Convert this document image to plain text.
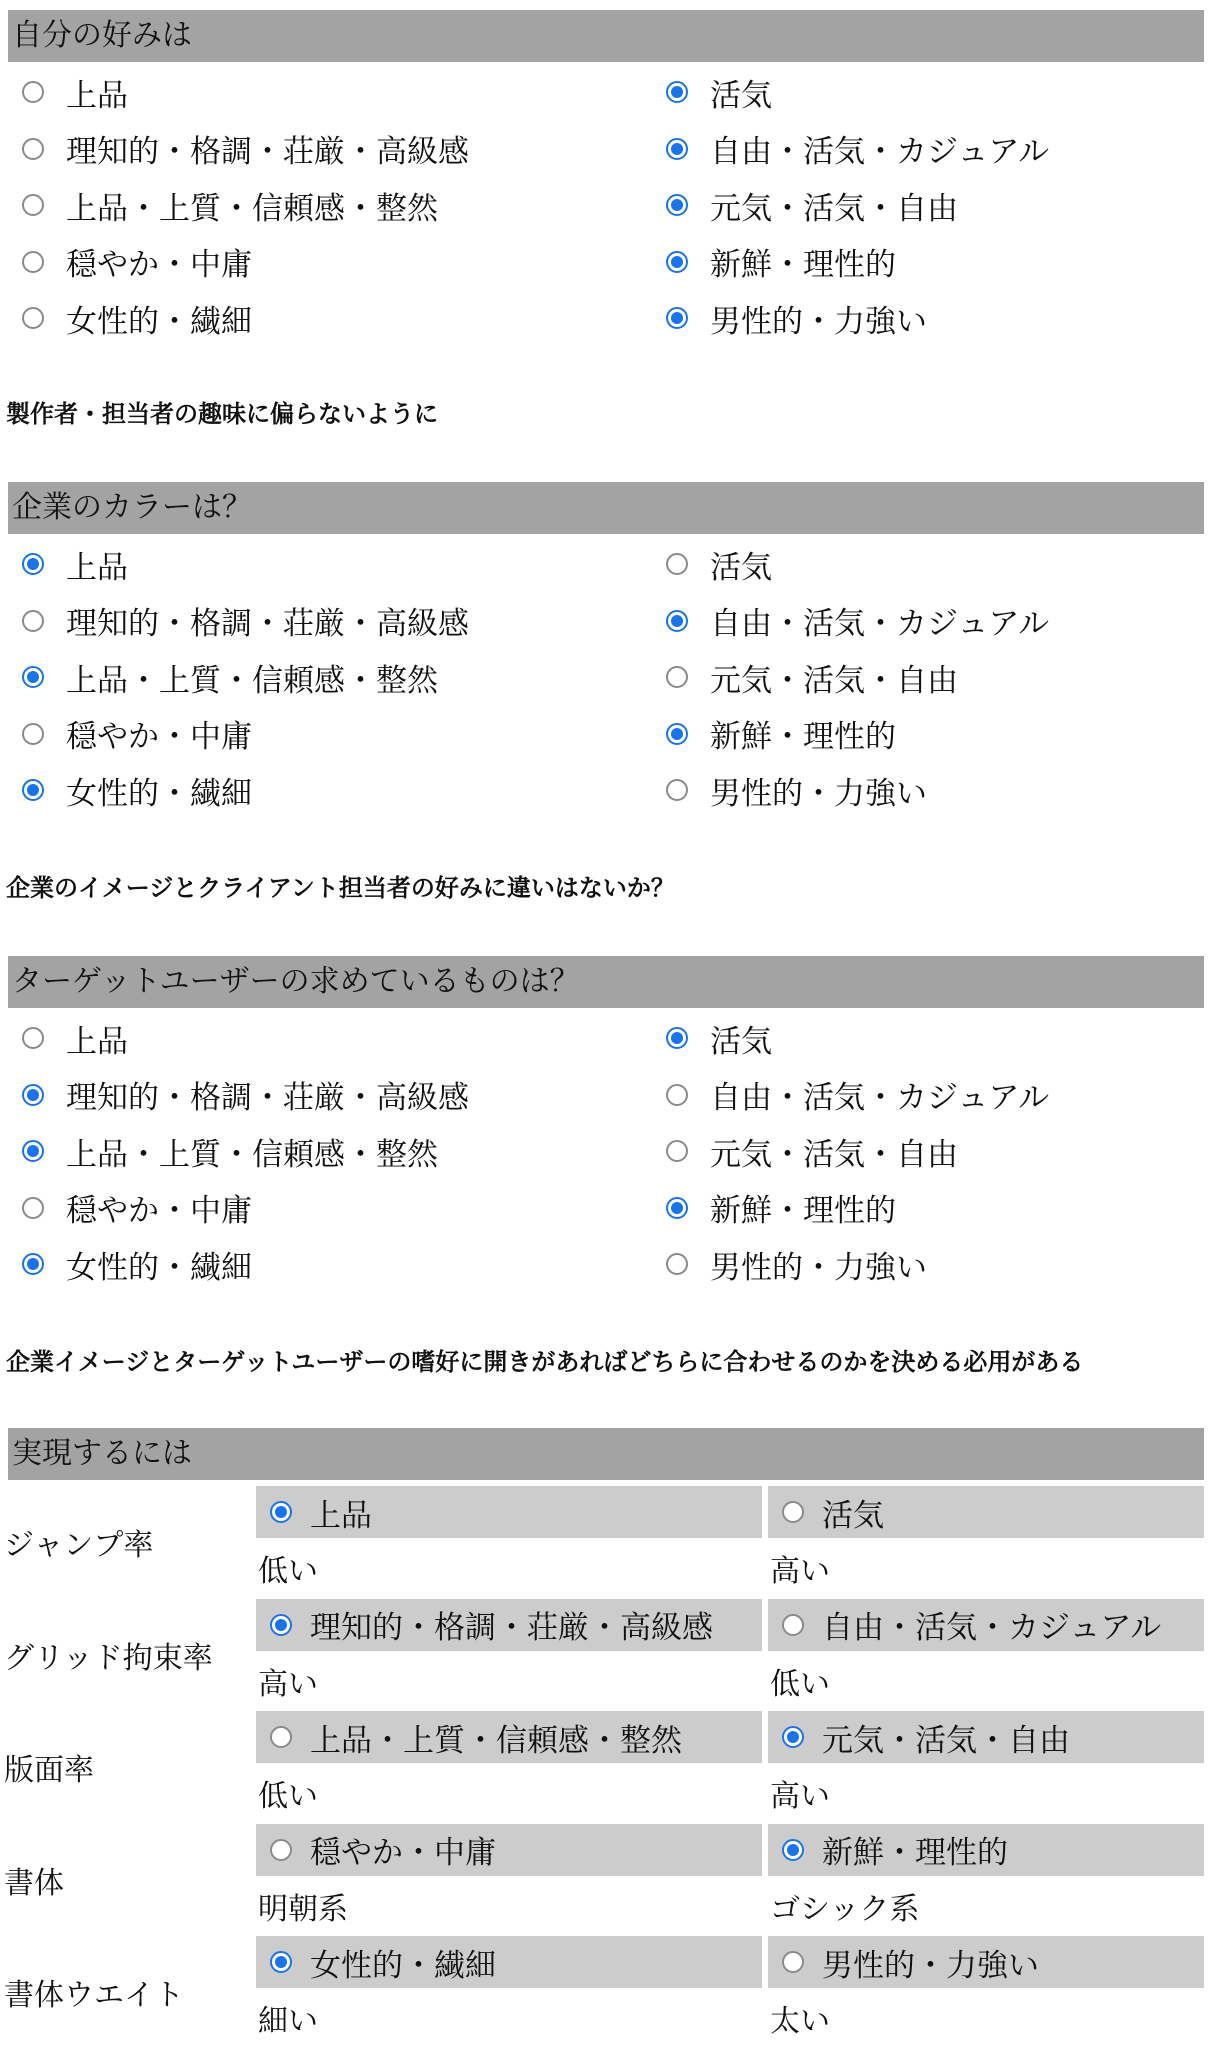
自分の好みは
上品
理知的・格調・荘厳・高級感
上品・上質・信頼感・整然
穏やか・中庸
女性的・繊細
活気
自由・活気・カジュアル
元気・活気・自由
新鮮・理性的
男性的・力強い
企業のカラーは？
上品
理知的・格調・荘厳・高級感
上品・上質・信頼感・整然
穏やか・中庸
女性的・繊細
活気
自由・活気・カジュアル
元気・活気・自由
新鮮・理性的
男性的・力強い
ターゲットユーザーの求めているものは？
上品
理知的・格調・荘厳・高級感
上品・上質・信頼感・整然
穏やか・中庸
女性的・繊細
活気
自由・活気・カジュアル
元気・活気・自由
新鮮・理性的
男性的・力強い
製作者・担当者の趣味に偏らないように
企業のイメージとクライアント担当者の好みに違いはないか？
企業イメージとターゲットユーザーの嗜好に開きがあればどちらに合わせるのかを決める必用がある
実現するには
ジャンプ率
上品
低い
活気
高い
グリッド拘束率
理知的・格調・荘厳・高級感
高い
自由・活気・カジュアル
低い
版面率
上品・上質・信頼感・整然
低い
元気・活気・自由
高い
書体
穏やか・中庸
明朝系
新鮮・理性的
ゴシック系
書体ウエイト
女性的・繊細
細い
男性的・力強い
太い
